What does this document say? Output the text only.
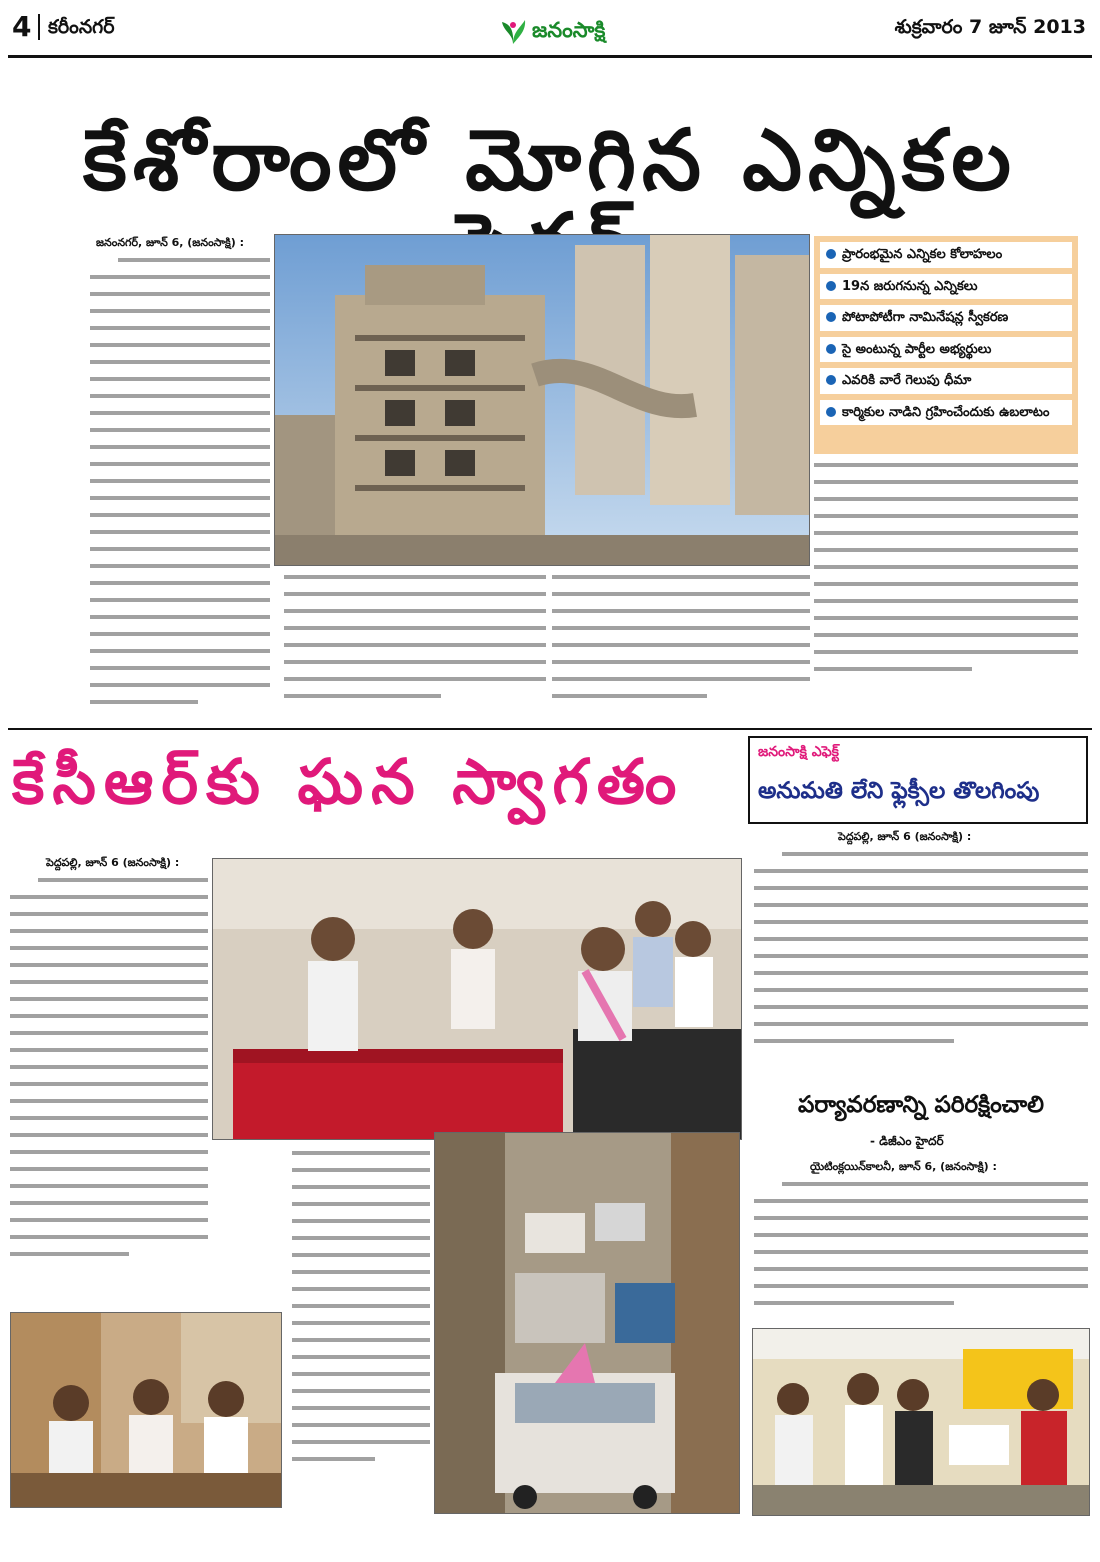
4 కరీంనగర్	జనంసాక్షి	శుక్రవారం 7 జూన్ 2013
కేశోరాంలో మోగిన ఎన్నికల
జనంనగర్, జూన్ 6, (జనంసాక్షి) :
ప్రారంభమైన ఎన్నికల కోలాహలం
19న జరుగనున్న ఎన్నికలు
పోటాపోటీగా నామినేషన్ల స్వీకరణ
సై అంటున్న పార్టీల అభ్యర్థులు
ఎవరికి వారే గెలుపు ధీమా
కార్మికుల నాడిని గ్రహించేందుకు ఉబలాటం
కేసీఆర్‌కు ఘన స్వాగతం
పెద్దపల్లి, జూన్ 6 (జనంసాక్షి) :
జనంసాక్షి ఎఫెక్ట్
అనుమతి లేని ఫ్లెక్సీల తొలగింపు
పెద్దపల్లి, జూన్ 6 (జనంసాక్షి) :
పర్యావరణాన్ని పరిరక్షించాలి
- డిజీఎం హైదర్
యైటింక్లయిన్‌కాలనీ, జూన్ 6, (జనంసాక్షి) :
